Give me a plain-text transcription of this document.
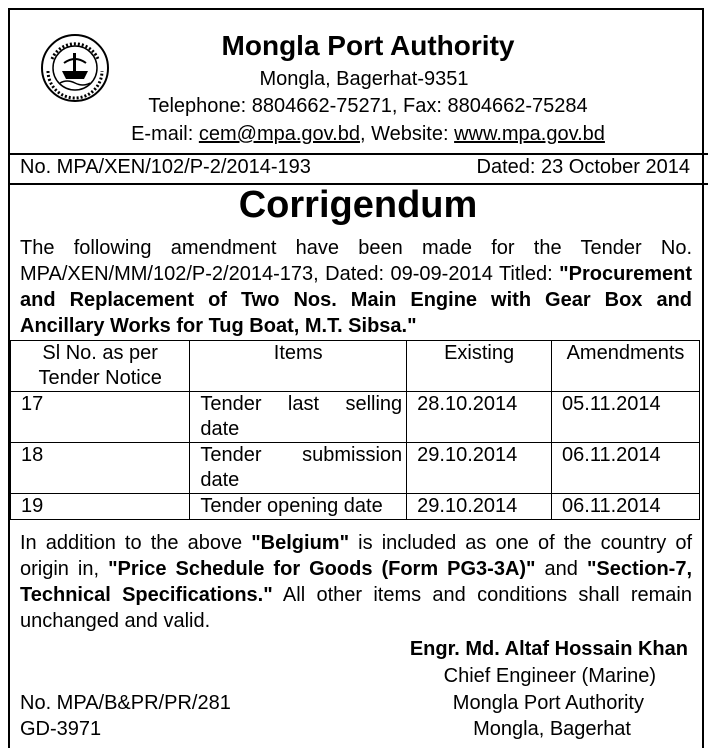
Mongla Port Authority
Mongla, Bagerhat-9351
Telephone: 8804662-75271, Fax: 8804662-75284
E-mail: cem@mpa.gov.bd, Website: www.mpa.gov.bd
No. MPA/XEN/102/P-2/2014-193	Dated: 23 October 2014
Corrigendum
The following amendment have been made for the Tender No. MPA/XEN/MM/102/P-2/2014-173, Dated: 09-09-2014 Titled: "Procurement and Replacement of Two Nos. Main Engine with Gear Box and Ancillary Works for Tug Boat, M.T. Sibsa."
Sl No. as per Tender Notice	Items	Existing	Amendments
17	Tender last selling date	28.10.2014	05.11.2014
18	Tender submission date	29.10.2014	06.11.2014
19	Tender opening date	29.10.2014	06.11.2014
In addition to the above "Belgium" is included as one of the country of origin in, "Price Schedule for Goods (Form PG3-3A)" and "Section-7, Technical Specifications." All other items and conditions shall remain unchanged and valid.
Engr. Md. Altaf Hossain Khan
Chief Engineer (Marine)
Mongla Port Authority
Mongla, Bagerhat
No. MPA/B&PR/PR/281
GD-3971
